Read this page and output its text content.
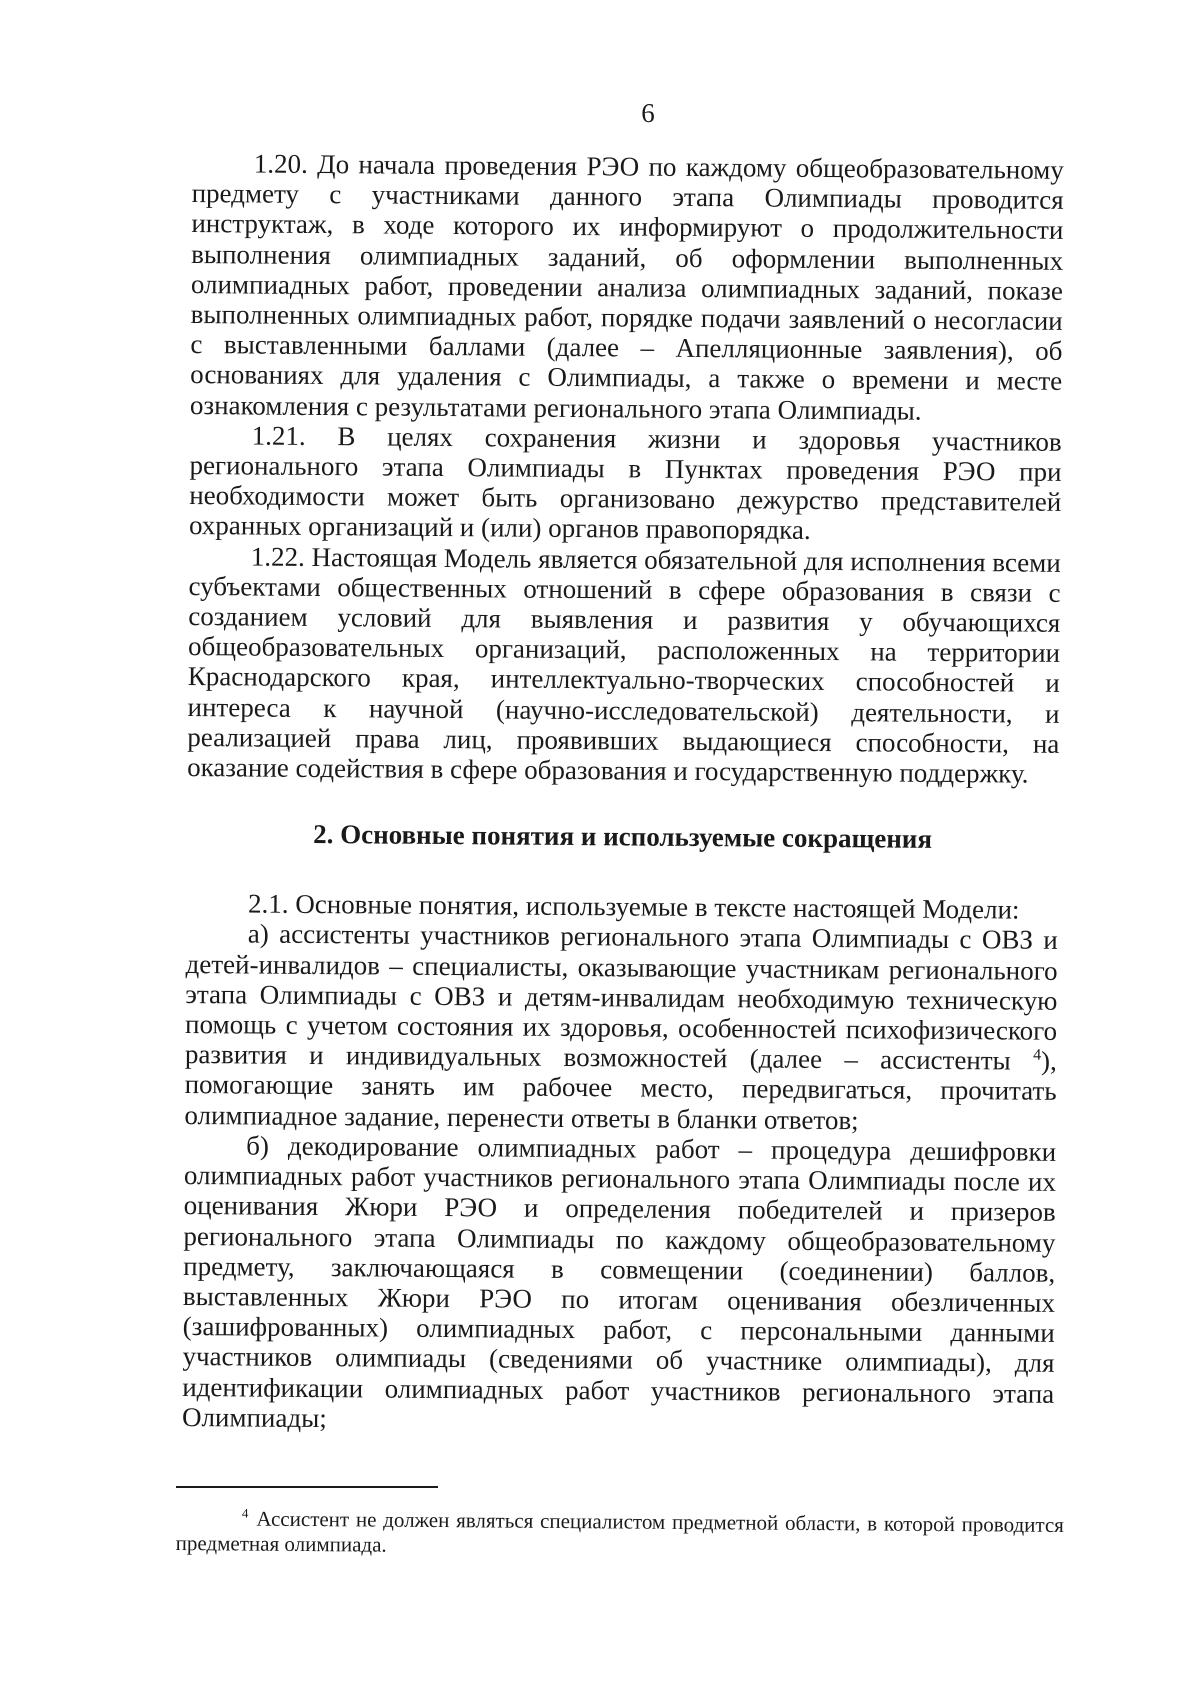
6

1.20. До начала проведения РЭО по каждому общеобразовательному предмету с участниками данного этапа Олимпиады проводится инструктаж, в ходе которого их информируют о продолжительности выполнения олимпиадных заданий, об оформлении выполненных олимпиадных работ, проведении анализа олимпиадных заданий, показе выполненных олимпиадных работ, порядке подачи заявлений о несогласии с выставленными баллами (далее – Апелляционные заявления), об основаниях для удаления с Олимпиады, а также о времени и месте ознакомления с результатами регионального этапа Олимпиады.

1.21. В целях сохранения жизни и здоровья участников регионального этапа Олимпиады в Пунктах проведения РЭО при необходимости может быть организовано дежурство представителей охранных организаций и (или) органов правопорядка.

1.22. Настоящая Модель является обязательной для исполнения всеми субъектами общественных отношений в сфере образования в связи с созданием условий для выявления и развития у обучающихся общеобразовательных организаций, расположенных на территории Краснодарского края, интеллектуально-творческих способностей и интереса к научной (научно-исследовательской) деятельности, и реализацией права лиц, проявивших выдающиеся способности, на оказание содействия в сфере образования и государственную поддержку.

2. Основные понятия и используемые сокращения

2.1. Основные понятия, используемые в тексте настоящей Модели:

а) ассистенты участников регионального этапа Олимпиады с ОВЗ и детей-инвалидов – специалисты, оказывающие участникам регионального этапа Олимпиады с ОВЗ и детям-инвалидам необходимую техническую помощь с учетом состояния их здоровья, особенностей психофизического развития и индивидуальных возможностей (далее – ассистенты $^4$), помогающие занять им рабочее место, передвигаться, прочитать олимпиадное задание, перенести ответы в бланки ответов;

б) декодирование олимпиадных работ – процедура дешифровки олимпиадных работ участников регионального этапа Олимпиады после их оценивания Жюри РЭО и определения победителей и призеров регионального этапа Олимпиады по каждому общеобразовательному предмету, заключающаяся в совмещении (соединении) баллов, выставленных Жюри РЭО по итогам оценивания обезличенных (зашифрованных) олимпиадных работ, с персональными данными участников олимпиады (сведениями об участнике олимпиады), для идентификации олимпиадных работ участников регионального этапа Олимпиады;

$^4$ Ассистент не должен являться специалистом предметной области, в которой проводится предметная олимпиада.
